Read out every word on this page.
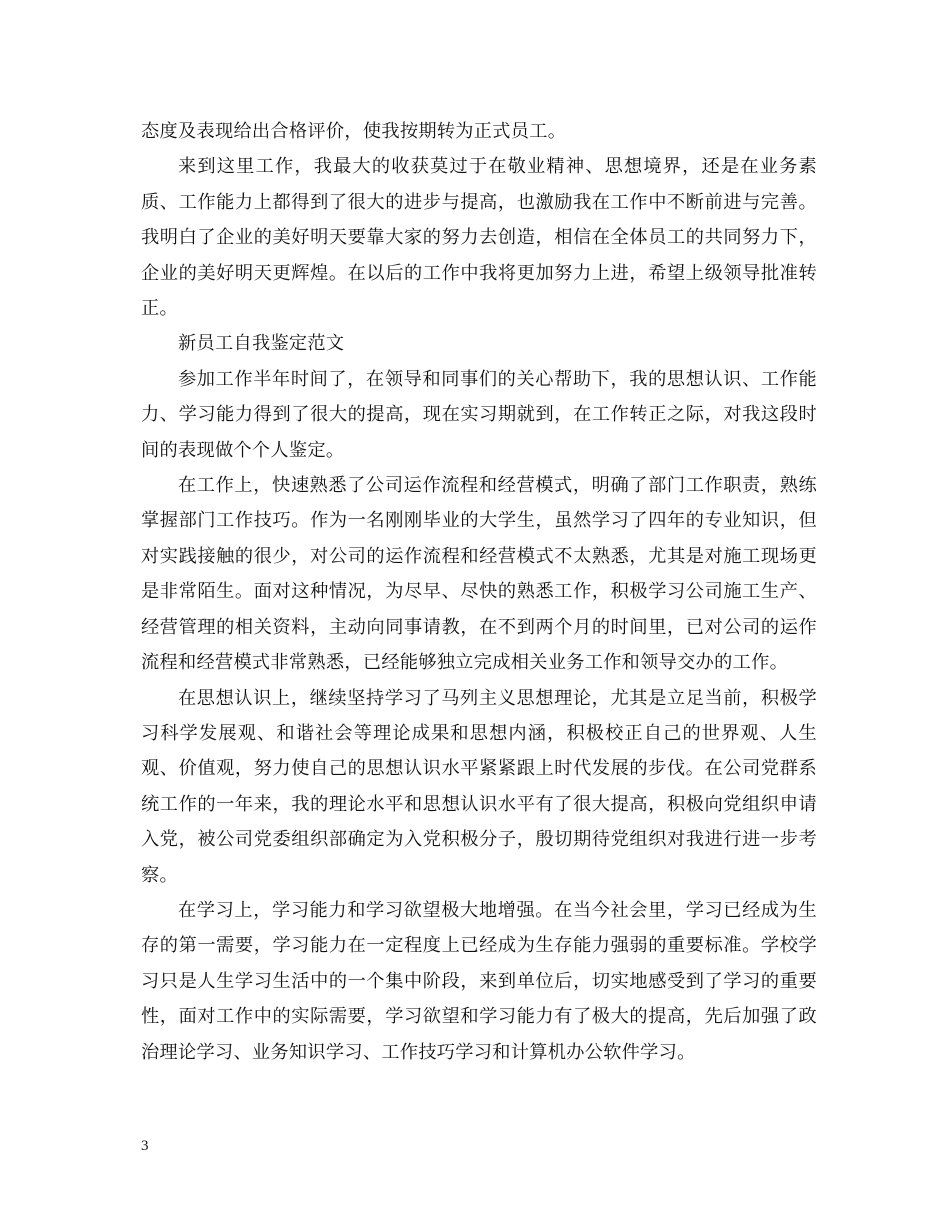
态度及表现给出合格评价，使我按期转为正式员工。

来到这里工作，我最大的收获莫过于在敬业精神、思想境界，还是在业务素质、工作能力上都得到了很大的进步与提高，也激励我在工作中不断前进与完善。我明白了企业的美好明天要靠大家的努力去创造，相信在全体员工的共同努力下，企业的美好明天更辉煌。在以后的工作中我将更加努力上进，希望上级领导批准转正。

新员工自我鉴定范文

参加工作半年时间了，在领导和同事们的关心帮助下，我的思想认识、工作能力、学习能力得到了很大的提高，现在实习期就到，在工作转正之际，对我这段时间的表现做个个人鉴定。

在工作上，快速熟悉了公司运作流程和经营模式，明确了部门工作职责，熟练掌握部门工作技巧。作为一名刚刚毕业的大学生，虽然学习了四年的专业知识，但对实践接触的很少，对公司的运作流程和经营模式不太熟悉，尤其是对施工现场更是非常陌生。面对这种情况，为尽早、尽快的熟悉工作，积极学习公司施工生产、经营管理的相关资料，主动向同事请教，在不到两个月的时间里，已对公司的运作流程和经营模式非常熟悉，已经能够独立完成相关业务工作和领导交办的工作。

在思想认识上，继续坚持学习了马列主义思想理论，尤其是立足当前，积极学习科学发展观、和谐社会等理论成果和思想内涵，积极校正自己的世界观、人生观、价值观，努力使自己的思想认识水平紧紧跟上时代发展的步伐。在公司党群系统工作的一年来，我的理论水平和思想认识水平有了很大提高，积极向党组织申请入党，被公司党委组织部确定为入党积极分子，殷切期待党组织对我进行进一步考察。

在学习上，学习能力和学习欲望极大地增强。在当今社会里，学习已经成为生存的第一需要，学习能力在一定程度上已经成为生存能力强弱的重要标准。学校学习只是人生学习生活中的一个集中阶段，来到单位后，切实地感受到了学习的重要性，面对工作中的实际需要，学习欲望和学习能力有了极大的提高，先后加强了政治理论学习、业务知识学习、工作技巧学习和计算机办公软件学习。

3
